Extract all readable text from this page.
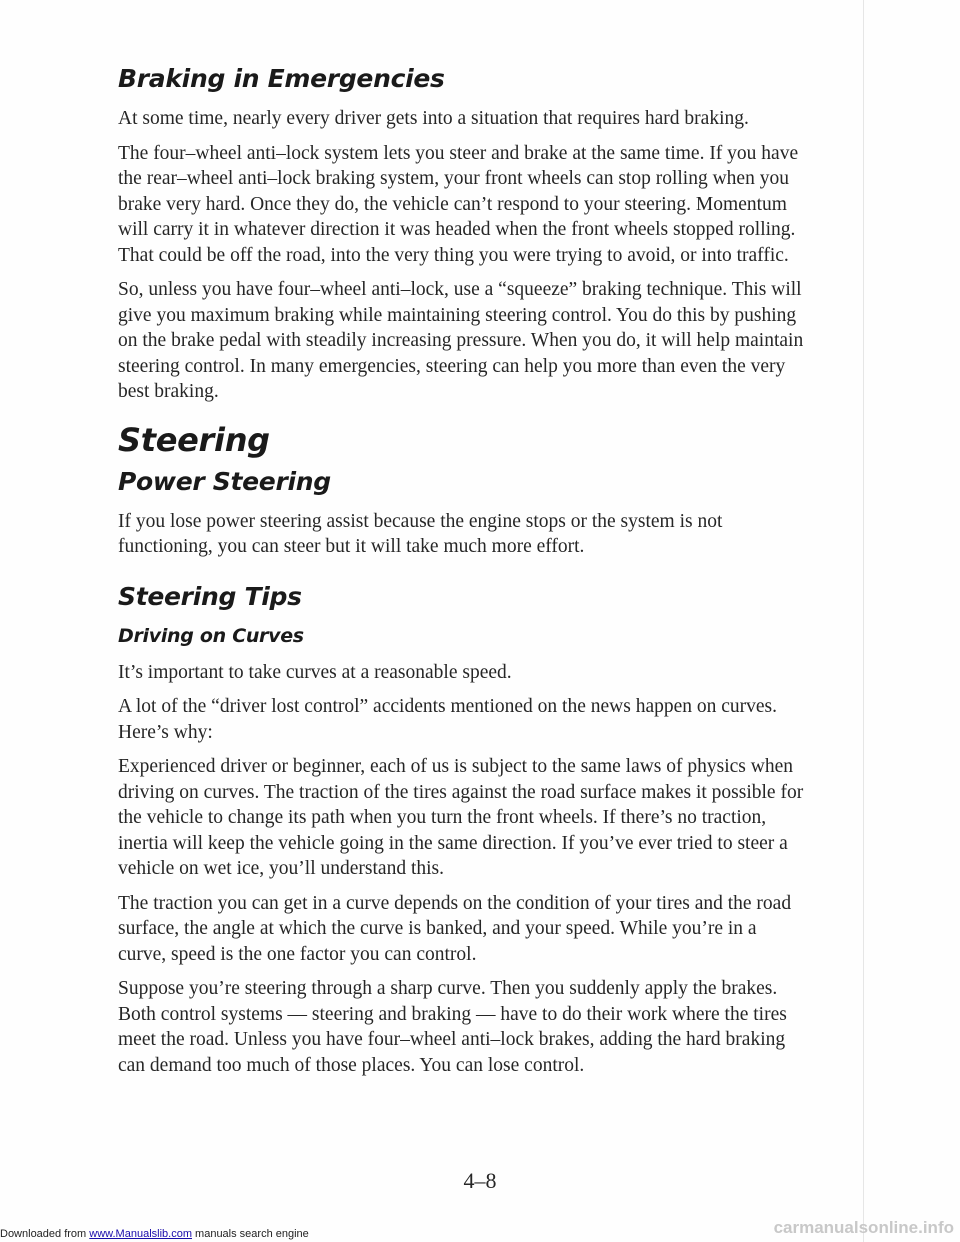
Braking in Emergencies

At some time, nearly every driver gets into a situation that requires hard braking.

The four–wheel anti–lock system lets you steer and brake at the same time. If you have the rear–wheel anti–lock braking system, your front wheels can stop rolling when you brake very hard. Once they do, the vehicle can’t respond to your steering. Momentum will carry it in whatever direction it was headed when the front wheels stopped rolling. That could be off the road, into the very thing you were trying to avoid, or into traffic.

So, unless you have four–wheel anti–lock, use a “squeeze” braking technique. This will give you maximum braking while maintaining steering control. You do this by pushing on the brake pedal with steadily increasing pressure. When you do, it will help maintain steering control. In many emergencies, steering can help you more than even the very best braking.

Steering
Power Steering

If you lose power steering assist because the engine stops or the system is not functioning, you can steer but it will take much more effort.

Steering Tips
Driving on Curves

It’s important to take curves at a reasonable speed.

A lot of the “driver lost control” accidents mentioned on the news happen on curves. Here’s why:

Experienced driver or beginner, each of us is subject to the same laws of physics when driving on curves. The traction of the tires against the road surface makes it possible for the vehicle to change its path when you turn the front wheels. If there’s no traction, inertia will keep the vehicle going in the same direction. If you’ve ever tried to steer a vehicle on wet ice, you’ll understand this.

The traction you can get in a curve depends on the condition of your tires and the road surface, the angle at which the curve is banked, and your speed. While you’re in a curve, speed is the one factor you can control.

Suppose you’re steering through a sharp curve. Then you suddenly apply the brakes. Both control systems — steering and braking — have to do their work where the tires meet the road. Unless you have four–wheel anti–lock brakes, adding the hard braking can demand too much of those places. You can lose control.

4–8
Downloaded from www.Manualslib.com manuals search engine	carmanualsonline.info
